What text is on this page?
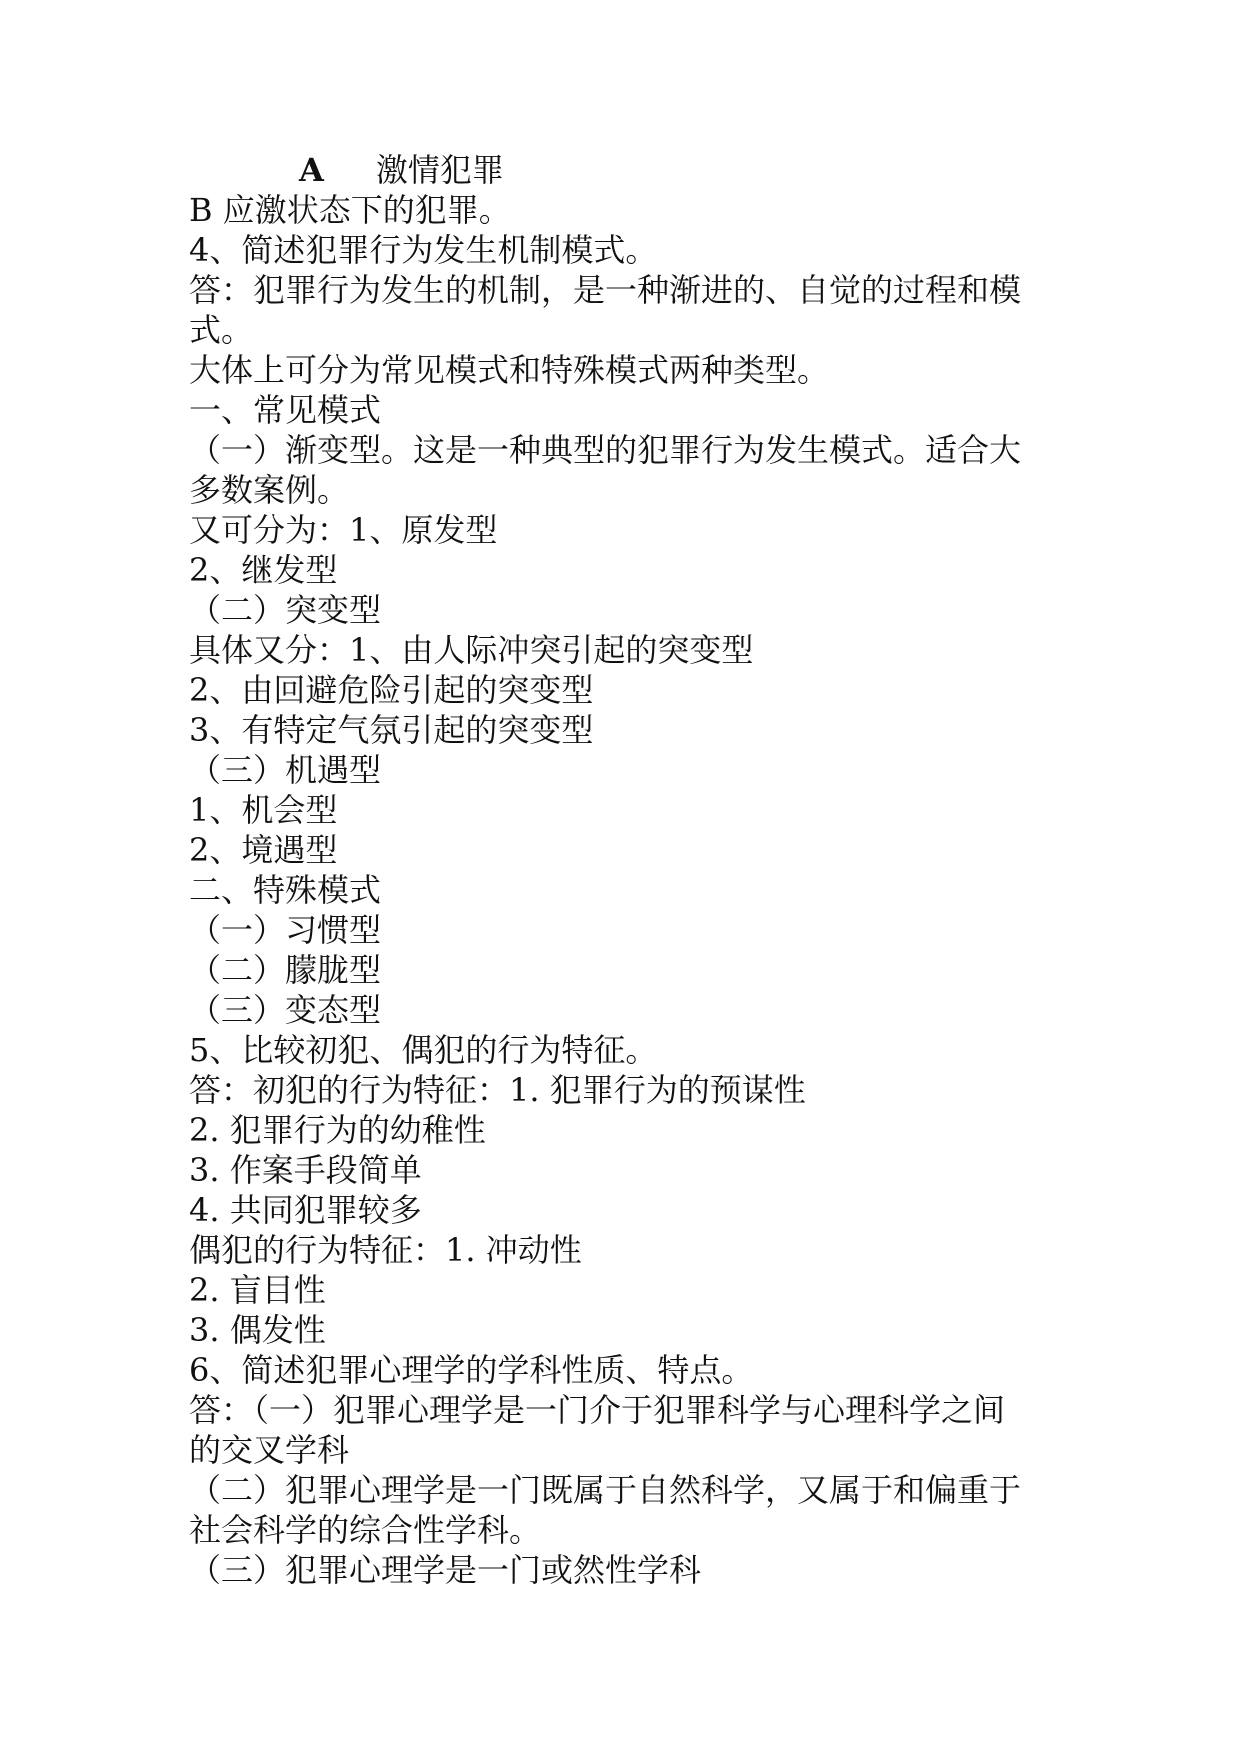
A 激情犯罪
B 应激状态下的犯罪。
4、简述犯罪行为发生机制模式。
答：犯罪行为发生的机制，是一种渐进的、自觉的过程和模
式。
大体上可分为常见模式和特殊模式两种类型。
一、常见模式
（一）渐变型。这是一种典型的犯罪行为发生模式。适合大
多数案例。
又可分为：1、原发型
2、继发型
（二）突变型
具体又分：1、由人际冲突引起的突变型
2、由回避危险引起的突变型
3、有特定气氛引起的突变型
（三）机遇型
1、机会型
2、境遇型
二、特殊模式
（一）习惯型
（二）朦胧型
（三）变态型
5、比较初犯、偶犯的行为特征。
答：初犯的行为特征：1. 犯罪行为的预谋性
2. 犯罪行为的幼稚性
3. 作案手段简单
4. 共同犯罪较多
偶犯的行为特征：1. 冲动性
2. 盲目性
3. 偶发性
6、简述犯罪心理学的学科性质、特点。
答：（一）犯罪心理学是一门介于犯罪科学与心理科学之间
的交叉学科
（二）犯罪心理学是一门既属于自然科学，又属于和偏重于
社会科学的综合性学科。
（三）犯罪心理学是一门或然性学科
